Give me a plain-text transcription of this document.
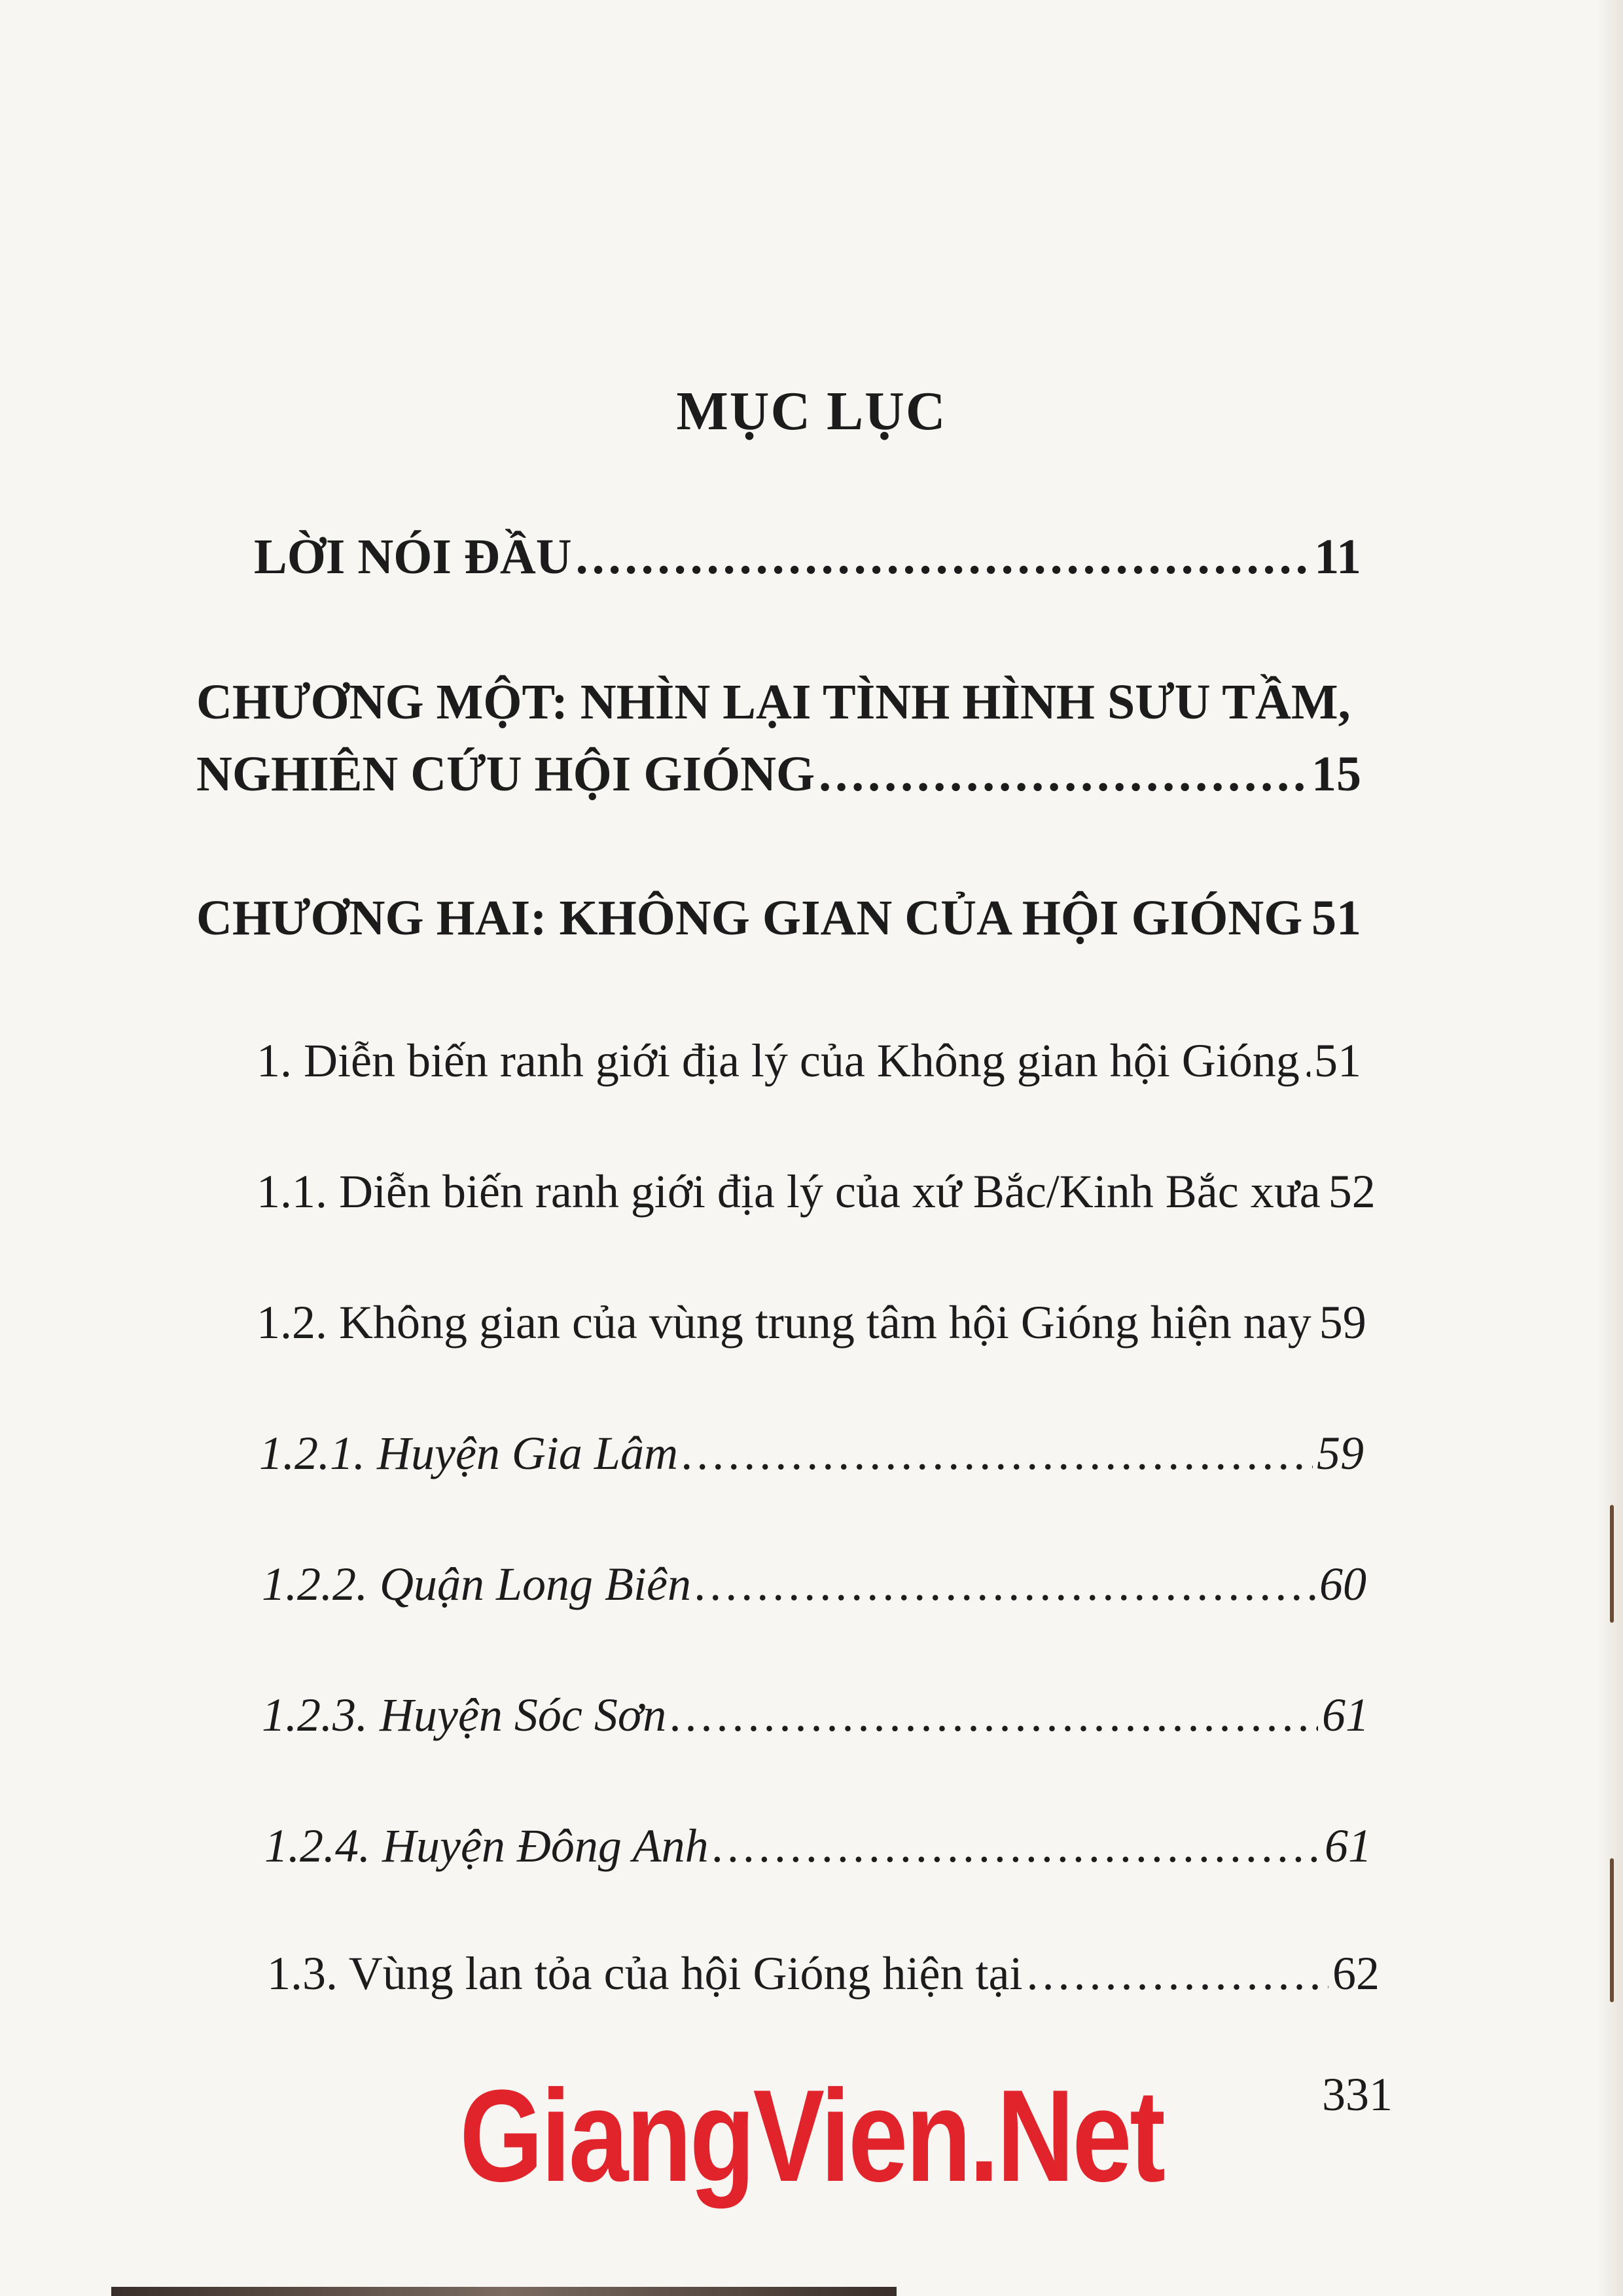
MỤC LỤC
LỜI NÓI ĐẦU .....	11
CHƯƠNG MỘT: NHÌN LẠI TÌNH HÌNH SƯU TẦM,
NGHIÊN CỨU HỘI GIÓNG .....	15
CHƯƠNG HAI: KHÔNG GIAN CỦA HỘI GIÓNG ..... 51
1. Diễn biến ranh giới địa lý của Không gian hội Gióng ..... 51
1.1. Diễn biến ranh giới địa lý của xứ Bắc/Kinh Bắc xưa 52
1.2. Không gian của vùng trung tâm hội Gióng hiện nay 59
1.2.1. Huyện Gia Lâm .....	59
1.2.2. Quận Long Biên .....	60
1.2.3. Huyện Sóc Sơn .....	61
1.2.4. Huyện Đông Anh .....	61
1.3. Vùng lan tỏa của hội Gióng hiện tại .....	62
331
GiangVien.Net
